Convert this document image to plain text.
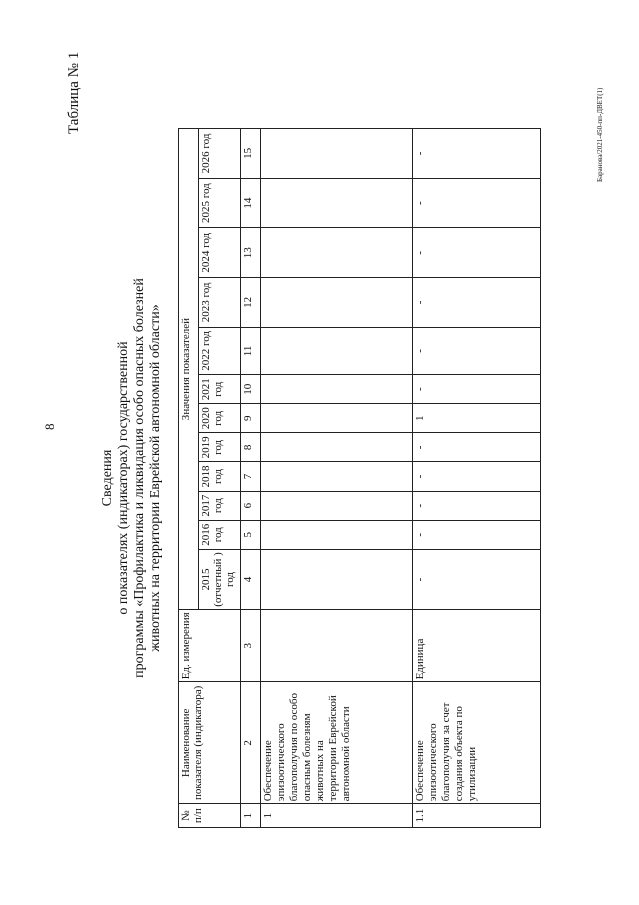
8
Таблица № 1	Баранова/2021-450-пп-ДВЕТ(1)
Сведения о показателях (индикаторах) государственной программы «Профилактика и ликвидация особо опасных болезней животных на территории Еврейской автономной области»
№ п/п	Наименование показателя (индикатора)	Ед. измерения	Значения показателей											
			2015 (отчетный ) год	2016 год	2017 год	2018 год	2019 год	2020 год	2021 год	2022 год	2023 год	2024 год	2025 год	2026 год
1	2	3	4	5	6	7	8	9	10	11	12	13	14	15
1	Обеспечение эпизоотического благополучия по особо опасным болезням животных на территории Еврейской автономной области													
1.1	Обеспечение эпизоотического благополучия за счет создания объекта по утилизации	Единица	-	-	-	-	-	1	-	-	-	-	-	-
